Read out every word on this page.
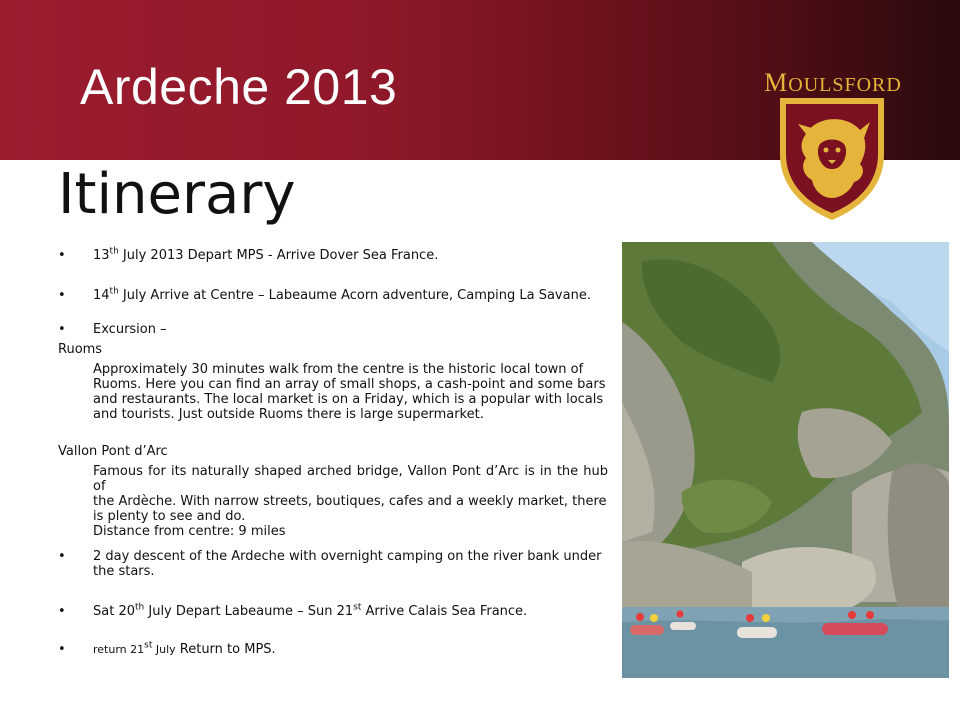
Ardeche 2013	MOULSFORD
Itinerary
• 13th July 2013 Depart MPS - Arrive Dover Sea France.
• 14th July Arrive at Centre – Labeaume Acorn adventure, Camping La Savane.
• Excursion –
Ruoms
Approximately 30 minutes walk from the centre is the historic local town of
Ruoms. Here you can find an array of small shops, a cash-point and some bars
and restaurants. The local market is on a Friday, which is a popular with locals
and tourists. Just outside Ruoms there is large supermarket.
Vallon Pont d’Arc
Famous for its naturally shaped arched bridge, Vallon Pont d’Arc is in the hub of
the Ardèche. With narrow streets, boutiques, cafes and a weekly market, there
is plenty to see and do.
Distance from centre: 9 miles
• 2 day descent of the Ardeche with overnight camping on the river bank under
the stars.
• Sat 20th July Depart Labeaume – Sun 21st Arrive Calais Sea France.
• return 21st July Return to MPS.
